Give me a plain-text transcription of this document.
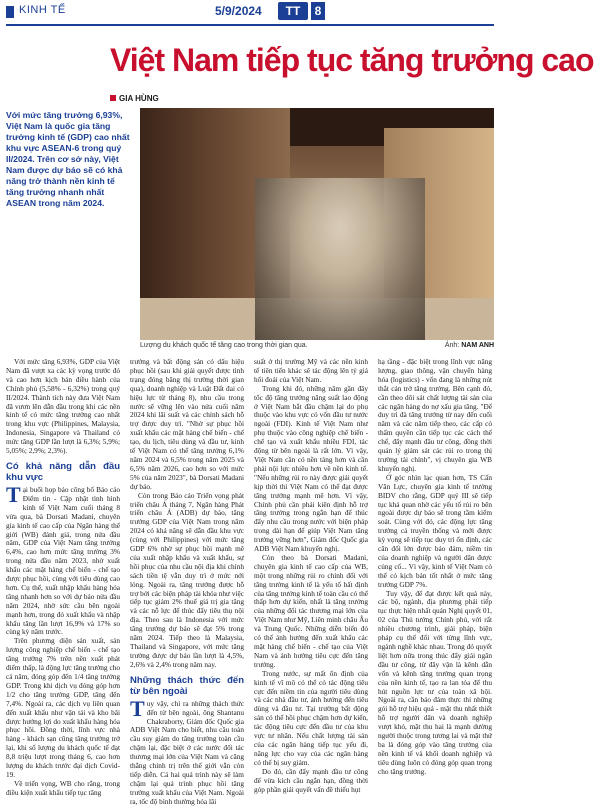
KINH TẾ	5/9/2024	TT	8
Việt Nam tiếp tục tăng trưởng cao
GIA HÙNG
Với mức tăng trưởng 6,93%, Việt Nam là quốc gia tăng trưởng kinh tế (GDP) cao nhất khu vực ASEAN-6 trong quý II/2024. Trên cơ sở này, Việt Nam được dự báo sẽ có khả năng trở thành nền kinh tế tăng trưởng nhanh nhất ASEAN trong năm 2024.
Lượng du khách quốc tế tăng cao trong thời gian qua.	Ảnh: NAM ANH

Với mức tăng 6,93%, GDP của Việt Nam đã vượt xa các kỳ vọng trước đó và cao hơn kịch bản điều hành của Chính phủ (5,58% - 6,32%) trong quý II/2024. Thành tích này đưa Việt Nam đã vươn lên dẫn đầu trong khi các nền kinh tế có mức tăng trưởng cao nhất trong khu vực (Philippines, Malaysia, Indonesia, Singapore và Thailand có mức tăng GDP lần lượt là 6,3%; 5,9%; 5,05%; 2,9%; 2,3%).

Có khả năng dẫn đầu khu vực

Tại buổi họp báo công bố Báo cáo Điểm tin - Cập nhật tình hình kinh tế Việt Nam cuối tháng 8 vừa qua, bà Dorsati Madani, chuyên gia kinh tế cao cấp của Ngân hàng thế giới (WB) đánh giá, trong nửa đầu năm, GDP của Việt Nam tăng trưởng 6,4%, cao hơn mức tăng trưởng 3% trong nửa đầu năm 2023, nhờ xuất khẩu các mặt hàng chế biến - chế tạo được phục hồi, cùng với tiêu dùng cao hơn. Cụ thể, xuất nhập khẩu hàng hóa tăng nhanh hơn so với dự báo nửa đầu năm 2024, nhờ sức cầu bên ngoài mạnh hơn, trong đó xuất khẩu và nhập khẩu tăng lần lượt 16,9% và 17% so cùng kỳ năm trước.

Trên phương diện sản xuất, sản lượng công nghiệp chế biến - chế tạo tăng trưởng 7% trên nền xuất phát điểm thấp, là động lực tăng trưởng cho cả năm, đóng góp đến 1/4 tăng trưởng GDP. Trong khi dịch vụ đóng góp hơn 1/2 cho tăng trưởng GDP, tăng đến 7,4%. Ngoài ra, các dịch vụ liên quan đến xuất khẩu như vận tải và kho bãi được hưởng lợi do xuất khẩu hàng hóa phục hồi. Đồng thời, lĩnh vực nhà hàng - khách sạn cũng tăng trưởng trở lại, khi số lượng du khách quốc tế đạt 8,8 triệu lượt trong tháng 6, cao hơn lượng du khách trước đại dịch Covid-19.

Về triển vọng, WB cho rằng, trong điều kiện xuất khẩu tiếp tục tăng

trưởng và bất động sản có dấu hiệu phục hồi (sau khi giải quyết được tình trạng đóng băng thị trường thời gian qua), doanh nghiệp và Luật Đất đai có hiệu lực từ tháng 8), nhu cầu trong nước sẽ vững lên vào nửa cuối năm 2024 khi lãi suất và các chính sách hỗ trợ được duy trì. "Nhờ sự phục hồi xuất khẩu các mặt hàng chế biến - chế tạo, du lịch, tiêu dùng và đầu tư, kinh tế Việt Nam có thể tăng trưởng 6,1% năm 2024 và 6,5% trong năm 2025 và 6,5% năm 2026, cao hơn so với mức 5% của năm 2023", bà Dorsati Madani dự báo.

Còn trong Báo cáo Triển vọng phát triển châu Á tháng 7, Ngân hàng Phát triển châu Á (ADB) dự báo, tăng trưởng GDP của Việt Nam trong năm 2024 có khả năng sẽ dẫn đầu khu vực (cùng với Philippines) với mức tăng GDP 6% nhờ sự phục hồi mạnh mẽ của xuất nhập khẩu và xuất khẩu, sự hồi phục của nhu cầu nội địa khi chính sách tiền tệ vẫn duy trì ở mức nới lỏng. Ngoài ra, tăng trưởng được hỗ trợ bởi các biện pháp tài khóa như việc tiếp tục giảm 2% thuế giá trị gia tăng và các nỗ lực để thúc đẩy tiêu thụ nội địa. Theo sau là Indonesia với mức tăng trưởng dự báo sẽ đạt 5% trong năm 2024. Tiếp theo là Malaysia, Thailand và Singapore, với mức tăng trưởng được dự báo lần lượt là 4,5%, 2,6% và 2,4% trong năm nay.

Những thách thức đến từ bên ngoài

Tuy vậy, chỉ ra những thách thức đến từ bên ngoài, ông Shantanu Chakraborty, Giám đốc Quốc gia ADB Việt Nam cho biết, nhu cầu toàn cầu suy giảm do tăng trưởng toàn cầu chậm lại, đặc biệt ở các nước đối tác thương mại lớn của Việt Nam và căng thẳng chính trị trên thế giới vẫn còn tiếp diễn. Cả hai quá trình này sẽ làm chậm lại quá trình phục hồi tăng trưởng xuất khẩu của Việt Nam. Ngoài ra, tốc độ bình thường hóa lãi

suất ở thị trường Mỹ và các nền kinh tế tiên tiến khác sẽ tác động lên tỷ giá hối đoái của Việt Nam.

Trong khi đó, những năm gần đây tốc độ tăng trưởng năng suất lao động ở Việt Nam bắt đầu chậm lại do phụ thuộc vào khu vực có vốn đầu tư nước ngoài (FDI). Kinh tế Việt Nam như phụ thuộc vào công nghiệp chế biến - chế tạo và xuất khẩu nhiều FDI, tác động từ bên ngoài là rất lớn. Vì vậy, Việt Nam cần có nền tảng hơn và cần phải nội lực nhiều hơn về nền kinh tế. "Nếu những rủi ro này được giải quyết kịp thời thì Việt Nam có thể đạt được tăng trưởng mạnh mẽ hơn. Vì vậy, Chính phủ cần phải kiên định hỗ trợ tăng trưởng trong ngắn hạn để thúc đẩy nhu cầu trong nước với biện pháp trong dài hạn để giúp Việt Nam tăng trưởng vững hơn", Giám đốc Quốc gia ADB Việt Nam khuyến nghị.

Còn theo bà Dorsati Madani, chuyên gia kinh tế cao cấp của WB, một trong những rủi ro chính đối với tăng trưởng kinh tế là yếu tố bất định của tăng trưởng kinh tế toàn cầu có thể thấp hơn dự kiến, nhất là tăng trưởng của những đối tác thương mại lớn của Việt Nam như Mỹ, Liên minh châu Âu và Trung Quốc. Những diễn biến đó có thể ảnh hưởng đến xuất khẩu các mặt hàng chế biến - chế tạo của Việt Nam và ảnh hưởng tiêu cực đến tăng trưởng.

Trong nước, sự mất ổn định của kinh tế vĩ mô có thể có tác động tiêu cực đến niềm tin của người tiêu dùng và các nhà đầu tư, ảnh hưởng đến tiêu dùng và đầu tư. Tại trường bất động sản có thể hồi phục chậm hơn dự kiến, tác động tiêu cực đến đầu tư của khu vực tư nhân. Nếu chất lượng tài sản của các ngân hàng tiếp tục yếu đi, năng lực cho vay của các ngân hàng có thể bị suy giảm.

Do đó, cần đẩy mạnh đầu tư công để vừa kích cầu ngắn hạn, đồng thời góp phần giải quyết vấn đề thiếu hụt

hạ tầng - đặc biệt trong lĩnh vực năng lượng, giao thông, vận chuyển hàng hóa (logistics) - vốn đang là những nút thắt cản trở tăng trưởng. Bên cạnh đó, cần theo dõi sát chất lượng tài sản của các ngân hàng do nợ xấu gia tăng. "Để duy trì đà tăng trưởng từ nay đến cuối năm và các năm tiếp theo, các cấp có thẩm quyền cần tiếp tục các cách thể chế, đẩy mạnh đầu tư công, đồng thời quản lý giám sát các rủi ro trong thị trường tài chính", vị chuyên gia WB khuyến nghị.

Ở góc nhìn lạc quan hơn, TS Cấn Văn Lực, chuyên gia kinh tế trưởng BIDV cho rằng, GDP quý III sẽ tiếp tục khả quan nhờ các yếu tố rủi ro bên ngoài được dự báo sẽ trong tầm kiểm soát. Cùng với đó, các động lực tăng trưởng cả truyền thống và mới được kỳ vọng sẽ tiếp tục duy trì ổn định, các cân đối lớn được bảo đảm, niềm tin của doanh nghiệp và người dân được củng cố... Vì vậy, kinh tế Việt Nam có thể có kịch bản tốt nhất ở mức tăng trưởng GDP 7%.

Tuy vậy, để đạt được kết quả này, các bộ, ngành, địa phương phải tiếp tục thực hiện nhất quán Nghị quyết 01, 02 của Thủ tướng Chính phủ, với rất nhiều chương trình, giải pháp, biện pháp cụ thể đối với từng lĩnh vực, ngành nghề khác nhau. Trong đó quyết liệt hơn nữa trong thúc đẩy giải ngân đầu tư công, từ đây vận là kênh dẫn vốn và kênh tăng trưởng quan trọng của nền kinh tế, tạo ra lan tỏa để thu hút nguồn lực tư của toàn xã hội. Ngoài ra, cần bảo đảm thực thi những gói hỗ trợ hiệu quả - mặt thu nhất thiết hỗ trợ người dân và doanh nghiệp vượt khó, mặt thu hai là mạnh dường người thuộc trong tương lai và mặt thứ ba là đóng góp vào tăng trưởng của nền kinh tế và khối doanh nghiệp và tiêu dùng luôn có đóng góp quan trọng cho tăng trưởng.
